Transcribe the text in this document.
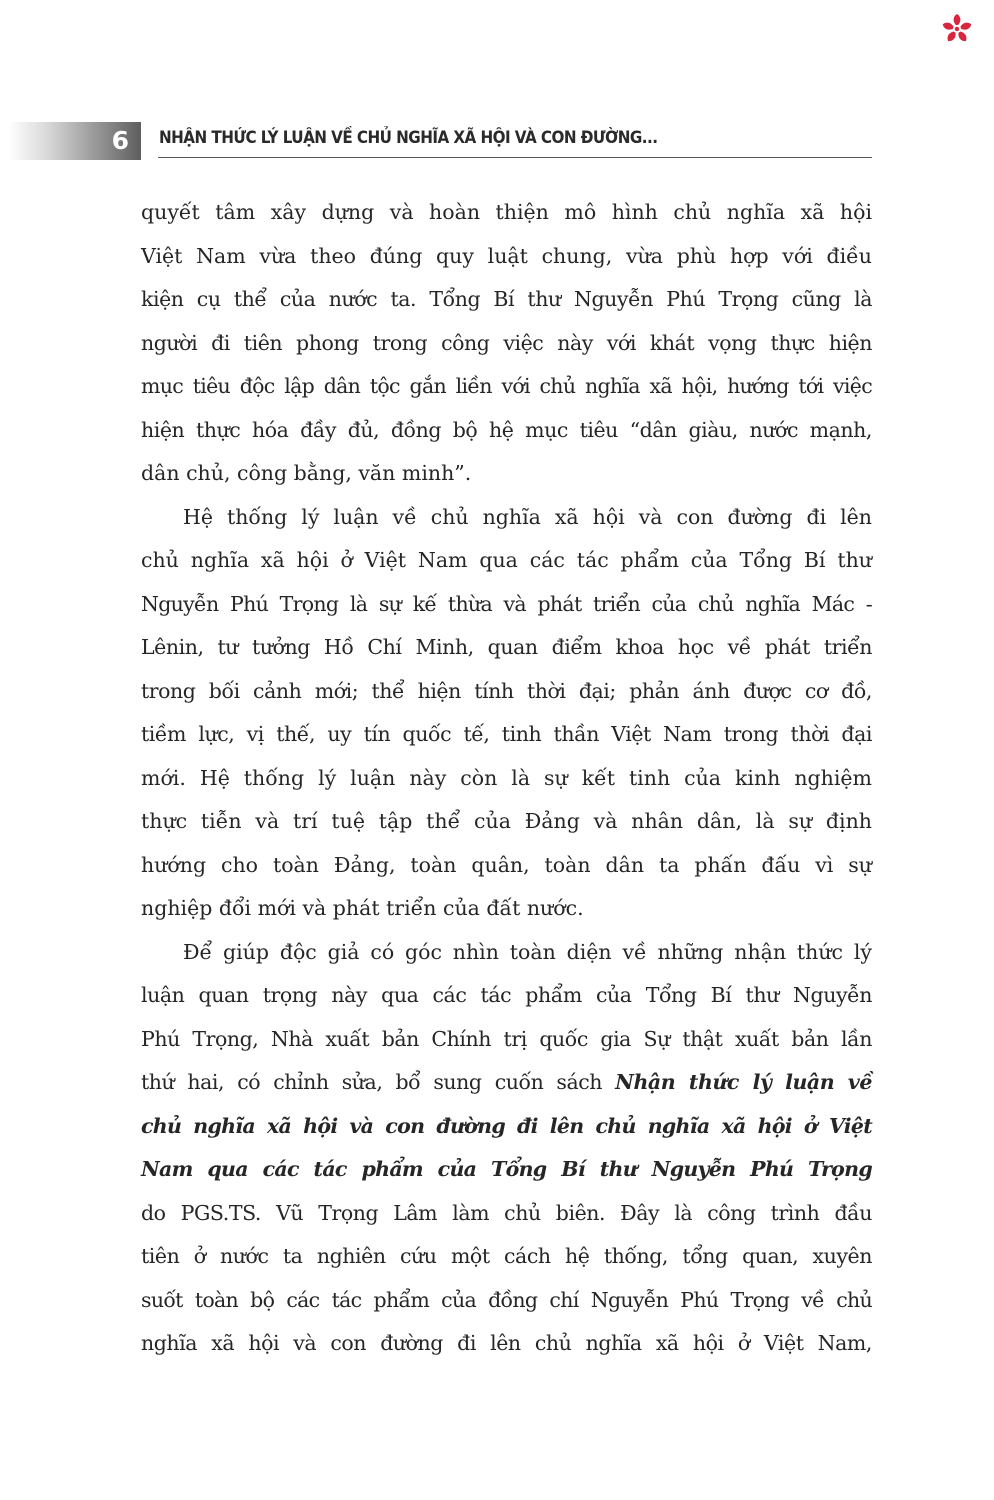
6 NHẬN THỨC LÝ LUẬN VỀ CHỦ NGHĨA XÃ HỘI VÀ CON ĐƯỜNG...
quyết tâm xây dựng và hoàn thiện mô hình chủ nghĩa xã hội
Việt Nam vừa theo đúng quy luật chung, vừa phù hợp với điều
kiện cụ thể của nước ta. Tổng Bí thư Nguyễn Phú Trọng cũng là
người đi tiên phong trong công việc này với khát vọng thực hiện
mục tiêu độc lập dân tộc gắn liền với chủ nghĩa xã hội, hướng tới việc
hiện thực hóa đầy đủ, đồng bộ hệ mục tiêu “dân giàu, nước mạnh,
dân chủ, công bằng, văn minh”.
Hệ thống lý luận về chủ nghĩa xã hội và con đường đi lên
chủ nghĩa xã hội ở Việt Nam qua các tác phẩm của Tổng Bí thư
Nguyễn Phú Trọng là sự kế thừa và phát triển của chủ nghĩa Mác -
Lênin, tư tưởng Hồ Chí Minh, quan điểm khoa học về phát triển
trong bối cảnh mới; thể hiện tính thời đại; phản ánh được cơ đồ,
tiềm lực, vị thế, uy tín quốc tế, tinh thần Việt Nam trong thời đại
mới. Hệ thống lý luận này còn là sự kết tinh của kinh nghiệm
thực tiễn và trí tuệ tập thể của Đảng và nhân dân, là sự định
hướng cho toàn Đảng, toàn quân, toàn dân ta phấn đấu vì sự
nghiệp đổi mới và phát triển của đất nước.
Để giúp độc giả có góc nhìn toàn diện về những nhận thức lý
luận quan trọng này qua các tác phẩm của Tổng Bí thư Nguyễn
Phú Trọng, Nhà xuất bản Chính trị quốc gia Sự thật xuất bản lần
thứ hai, có chỉnh sửa, bổ sung cuốn sách Nhận thức lý luận về
chủ nghĩa xã hội và con đường đi lên chủ nghĩa xã hội ở Việt
Nam qua các tác phẩm của Tổng Bí thư Nguyễn Phú Trọng
do PGS.TS. Vũ Trọng Lâm làm chủ biên. Đây là công trình đầu
tiên ở nước ta nghiên cứu một cách hệ thống, tổng quan, xuyên
suốt toàn bộ các tác phẩm của đồng chí Nguyễn Phú Trọng về chủ
nghĩa xã hội và con đường đi lên chủ nghĩa xã hội ở Việt Nam,
